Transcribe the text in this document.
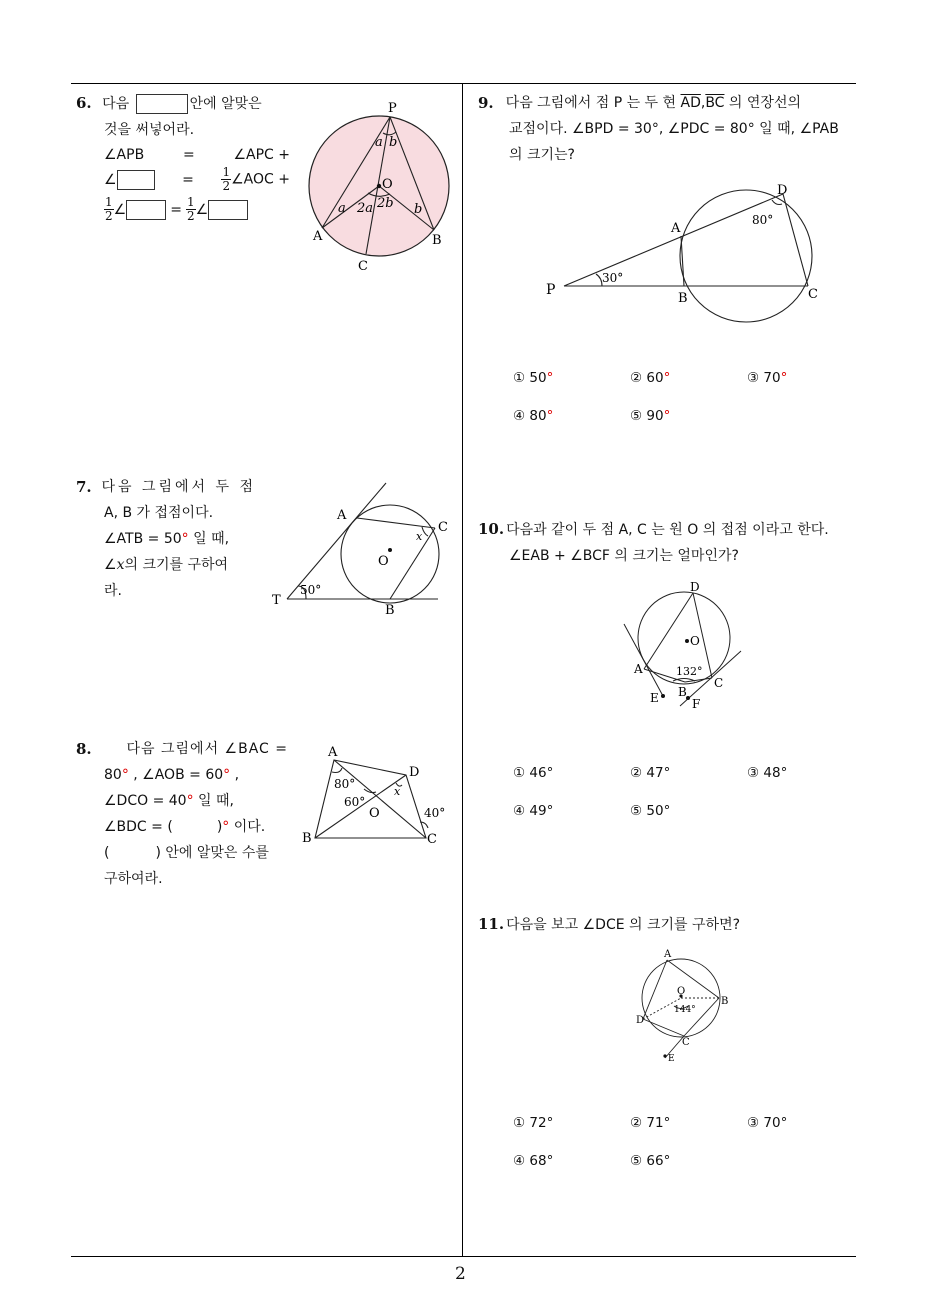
2
6. 다음	안에 알맞은
것을 써넣어라.
∠APB	=	∠APC +
∠	= $\frac{1}{2}$ ∠AOC +
$\frac{1}{2}$ ∠	= $\frac{1}{2}$ ∠
P
O
A	B
C
a b
a	b
2a 2b
7. 다음 그림에서 두 점
A, B 가 접점이다.
∠ATB = 50° 일 때,
∠x의 크기를 구하여
라.
A
C
x
O
T
B
50°
8. 다음 그림에서 ∠BAC =
80 ° , ∠AOB = 60 ° ,
∠DCO = 40° 일 때,
∠BDC = (	)° 이다.
(	) 안에 알맞은 수를
구하여라.
A
D
B	C
O
x
80°
60°
40°
9. 다음 그림에서 점 P 는 두 현 $\overline{AD}$ , $\overline{BC}$ 의 연장선의
교점이다. ∠BPD = 30°, ∠PDC = 80° 일 때, ∠PAB
의 크기는?
D
A
P
B	C
30°
80°
① 50°	② 60°	③ 70°
④ 80°	⑤ 90°
10. 다음과 같이 두 점 A, C 는 원 O 의 접점 이라고 한다.
∠EAB + ∠BCF 의 크기는 얼마인가?
D
O
A
C
E B
F
132°
① 46°	② 47°	③ 48°
④ 49°	⑤ 50°
11. 다음을 보고 ∠DCE 의 크기를 구하면?
A
O
B
D
C
E
144°
① 72°	② 71°	③ 70°
④ 68°	⑤ 66°
